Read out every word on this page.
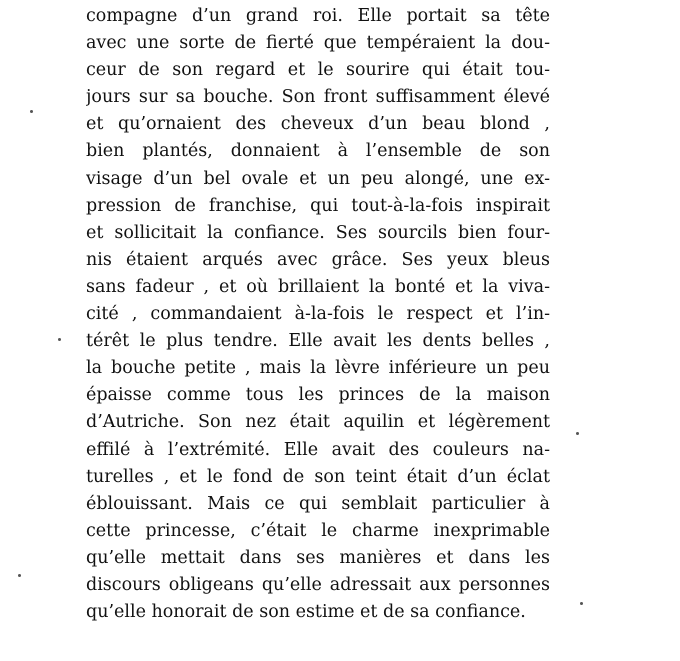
compagne d’un grand roi. Elle portait sa tête
avec une sorte de fierté que tempéraient la dou-
ceur de son regard et le sourire qui était tou-
jours sur sa bouche. Son front suffisamment élevé
et qu’ornaient des cheveux d’un beau blond ,
bien plantés, donnaient à l’ensemble de son
visage d’un bel ovale et un peu alongé, une ex-
pression de franchise, qui tout-à-la-fois inspirait
et sollicitait la confiance. Ses sourcils bien four-
nis étaient arqués avec grâce. Ses yeux bleus
sans fadeur , et où brillaient la bonté et la viva-
cité , commandaient à-la-fois le respect et l’in-
térêt le plus tendre. Elle avait les dents belles ,
la bouche petite , mais la lèvre inférieure un peu
épaisse comme tous les princes de la maison
d’Autriche. Son nez était aquilin et légèrement
effilé à l’extrémité. Elle avait des couleurs na-
turelles , et le fond de son teint était d’un éclat
éblouissant. Mais ce qui semblait particulier à
cette princesse, c’était le charme inexprimable
qu’elle mettait dans ses manières et dans les
discours obligeans qu’elle adressait aux personnes
qu’elle honorait de son estime et de sa confiance.
